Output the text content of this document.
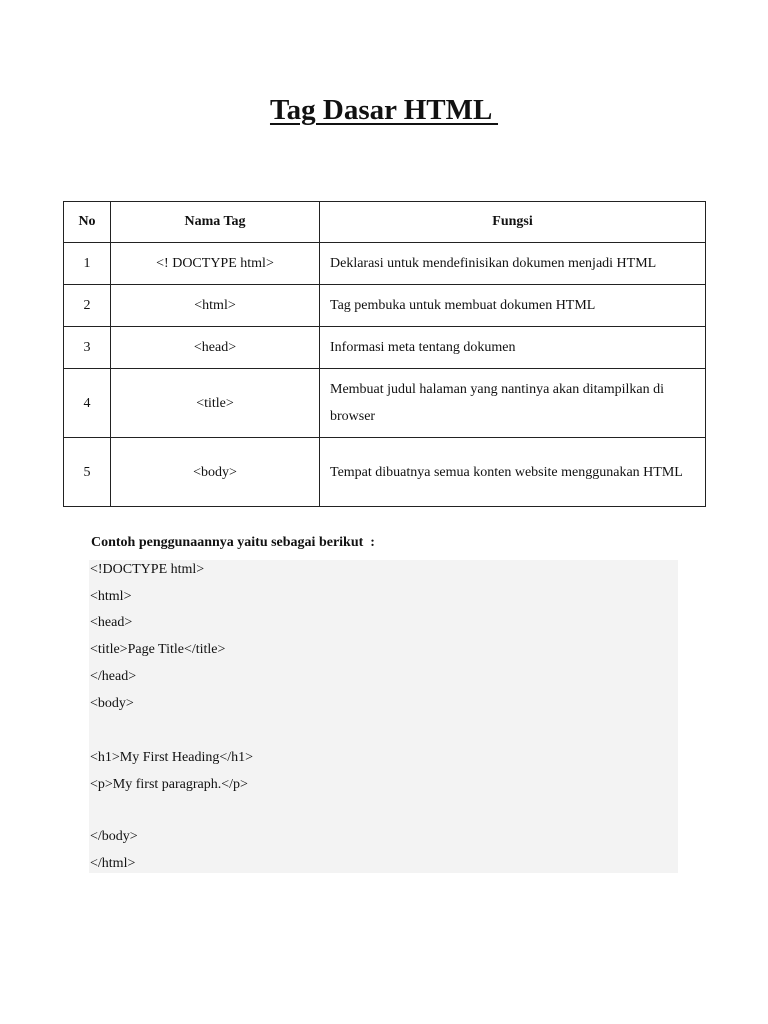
Tag Dasar HTML
No	Nama Tag	Fungsi
1	<! DOCTYPE html>	Deklarasi untuk mendefinisikan dokumen menjadi HTML
2	<html>	Tag pembuka untuk membuat dokumen HTML
3	<head>	Informasi meta tentang dokumen
4	<title>	Membuat judul halaman yang nantinya akan ditampilkan di browser
5	<body>	Tempat dibuatnya semua konten website menggunakan HTML
Contoh penggunaannya yaitu sebagai berikut  :
<!DOCTYPE html>
<html>
<head>
<title>Page Title</title>
</head>
<body>
<h1>My First Heading</h1>
<p>My first paragraph.</p>
</body>
</html>
